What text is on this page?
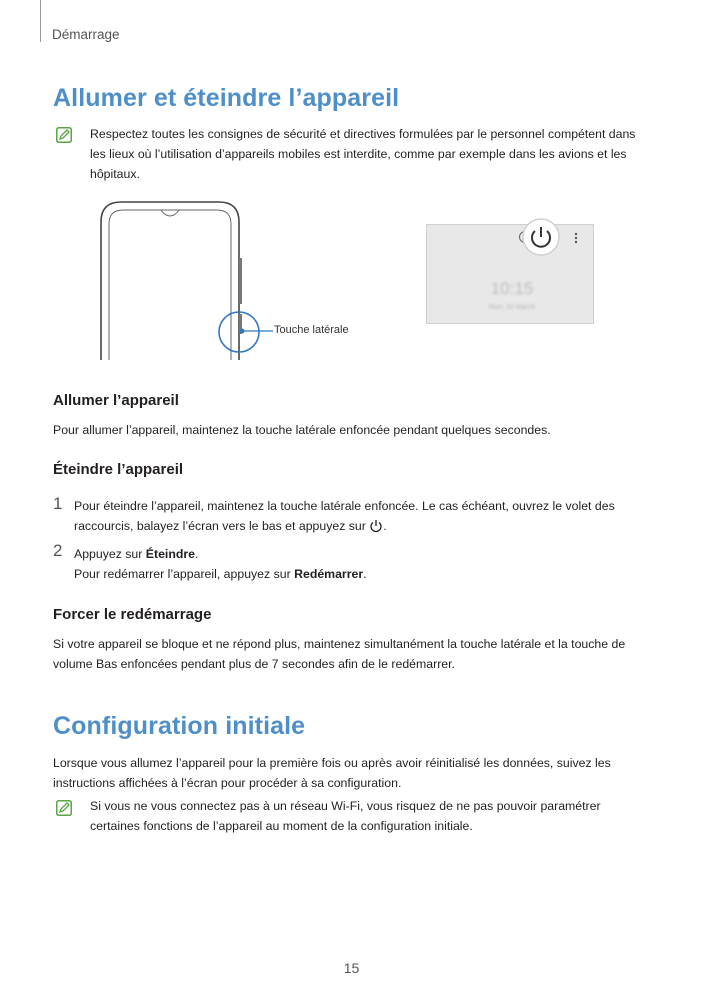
Démarrage
Allumer et éteindre l’appareil
Respectez toutes les consignes de sécurité et directives formulées par le personnel compétent dans les lieux où l’utilisation d’appareils mobiles est interdite, comme par exemple dans les avions et les hôpitaux.
Touche latérale
10:15
Mon, 20 March
Allumer l’appareil
Pour allumer l’appareil, maintenez la touche latérale enfoncée pendant quelques secondes.
Éteindre l’appareil
1 Pour éteindre l’appareil, maintenez la touche latérale enfoncée. Le cas échéant, ouvrez le volet des raccourcis, balayez l’écran vers le bas et appuyez sur .
2 Appuyez sur Éteindre.
Pour redémarrer l’appareil, appuyez sur Redémarrer.
Forcer le redémarrage
Si votre appareil se bloque et ne répond plus, maintenez simultanément la touche latérale et la touche de volume Bas enfoncées pendant plus de 7 secondes afin de le redémarrer.
Configuration initiale
Lorsque vous allumez l’appareil pour la première fois ou après avoir réinitialisé les données, suivez les instructions affichées à l’écran pour procéder à sa configuration.
Si vous ne vous connectez pas à un réseau Wi-Fi, vous risquez de ne pas pouvoir paramétrer certaines fonctions de l’appareil au moment de la configuration initiale.
15
